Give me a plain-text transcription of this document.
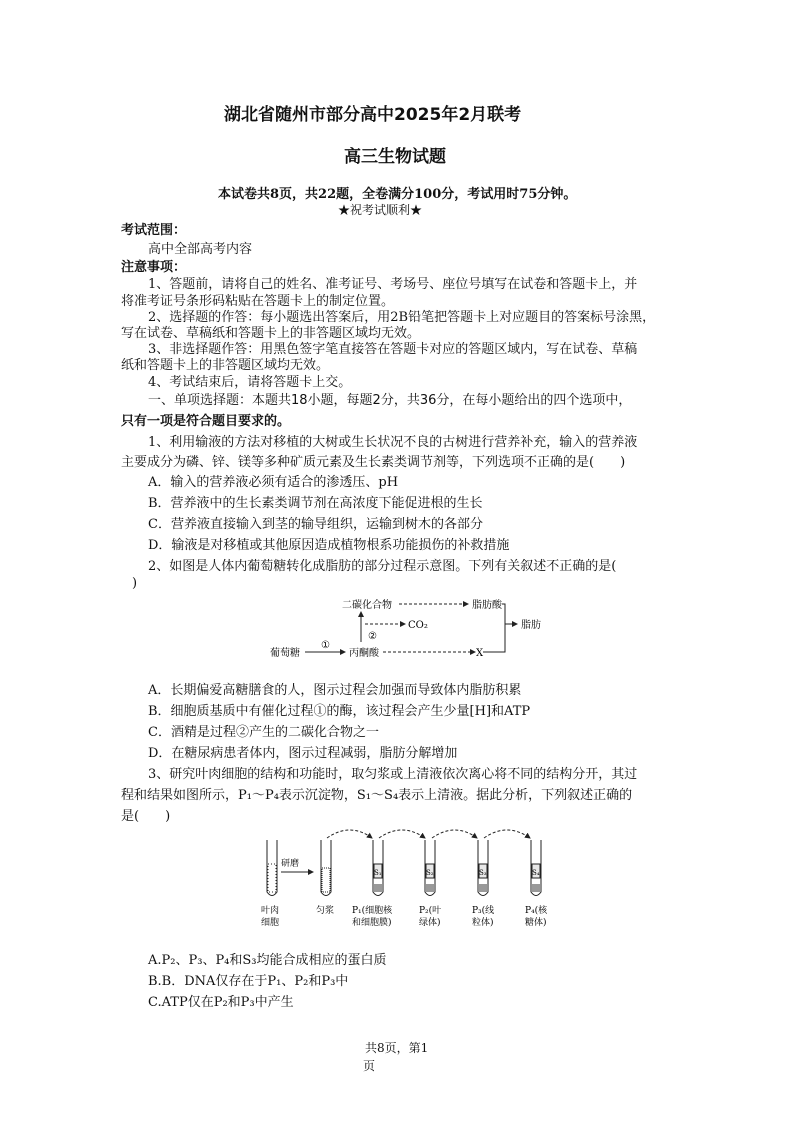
湖北省随州市部分高中2025年2月联考
高三生物试题
本试卷共8页，共22题，全卷满分100分，考试用时75分钟。
★祝考试顺利★
考试范围：
高中全部高考内容
注意事项：
1、答题前，请将自己的姓名、准考证号、考场号、座位号填写在试卷和答题卡上，并
将准考证号条形码粘贴在答题卡上的制定位置。
2、选择题的作答：每小题选出答案后，用2B铅笔把答题卡上对应题目的答案标号涂黑，
写在试卷、草稿纸和答题卡上的非答题区域均无效。
3、非选择题作答：用黑色签字笔直接答在答题卡对应的答题区域内，写在试卷、草稿
纸和答题卡上的非答题区域均无效。
4、考试结束后，请将答题卡上交。
一、单项选择题：本题共18小题，每题2分，共36分，在每小题给出的四个选项中，
只有一项是符合题目要求的。
1、利用输液的方法对移植的大树或生长状况不良的古树进行营养补充，输入的营养液
主要成分为磷、锌、镁等多种矿质元素及生长素类调节剂等，下列选项不正确的是(　　)
A．输入的营养液必须有适合的渗透压、pH
B．营养液中的生长素类调节剂在高浓度下能促进根的生长
C．营养液直接输入到茎的输导组织，运输到树木的各部分
D．输液是对移植或其他原因造成植物根系功能损伤的补救措施
2、如图是人体内葡萄糖转化成脂肪的部分过程示意图。下列有关叙述不正确的是(
)
二碳化合物	脂肪酸
脂肪
②
CO₂
葡萄糖
①
丙酮酸	X
A．长期偏爱高糖膳食的人，图示过程会加强而导致体内脂肪积累
B．细胞质基质中有催化过程①的酶，该过程会产生少量[H]和ATP
C．酒精是过程②产生的二碳化合物之一
D．在糖尿病患者体内，图示过程减弱，脂肪分解增加
3、研究叶肉细胞的结构和功能时，取匀浆或上清液依次离心将不同的结构分开，其过
程和结果如图所示，P₁～P₄表示沉淀物，S₁～S₄表示上清液。据此分析，下列叙述正确的
是(　　)
研磨
S₁	S₂	S₃	S₄
叶肉
细胞
匀浆 P₁(细胞核
和细胞膜)
P₂(叶
绿体)
P₃(线
粒体)
P₄(核
糖体)
A.P₂、P₃、P₄和S₃均能合成相应的蛋白质
B.B．DNA仅存在于P₁、P₂和P₃中
C.ATP仅在P₂和P₃中产生
共8页，第1
页
